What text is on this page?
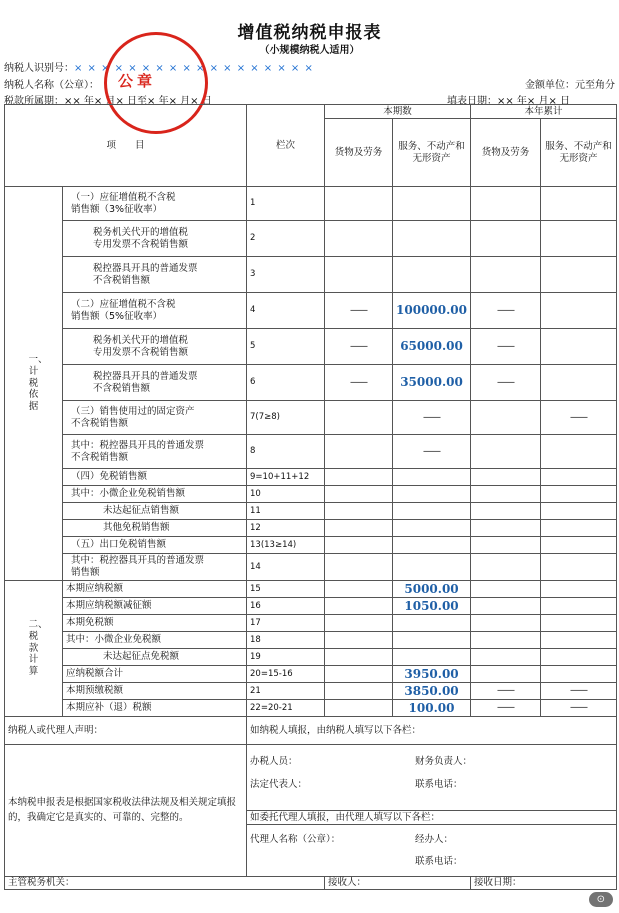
增值税纳税申报表
（小规模纳税人适用）
纳税人识别号：× × × × × × × × × × × × × × × × × ×
纳税人名称（公章）：	金额单位：元至角分
税款所属期：×× 年× 月× 日至× 年× 月× 日	填表日期：×× 年× 月× 日
公章
项　　目		栏次	本期数		本年累计	
			货物及劳务	服务、不动产和无形资产	货物及劳务	服务、不动产和无形资产
一、计税依据	（一）应征增值税不含税
销售额（3%征收率）	1				
	税务机关代开的增值税
专用发票不含税销售额	2				
	税控器具开具的普通发票
不含税销售额	3				
	（二）应征增值税不含税
销售额（5%征收率）	4	——	100000.00	——	
	税务机关代开的增值税
专用发票不含税销售额	5	——	65000.00	——	
	税控器具开具的普通发票
不含税销售额	6	——	35000.00	——	
	（三）销售使用过的固定资产
不含税销售额	7(7≥8)		——		——
	其中：税控器具开具的普通发票
不含税销售额	8		——		
	（四）免税销售额	9=10+11+12				
	其中：小微企业免税销售额	10				
	未达起征点销售额	11				
	其他免税销售额	12				
	（五）出口免税销售额	13(13≥14)				
	其中：税控器具开具的普通发票
销售额	14				
二、税款计算	本期应纳税额	15		5000.00		
	本期应纳税额减征额	16		1050.00		
	本期免税额	17				
	其中：小微企业免税额	18				
	未达起征点免税额	19				
	应纳税额合计	20=15-16		3950.00		
	本期预缴税额	21		3850.00	——	——
	本期应补（退）税额	22=20-21		100.00	——	——
纳税人或代理人声明：		如纳税人填报，由纳税人填写以下各栏：				
本纳税申报表是根据国家税收法律法规及相关规定填报的，我确定它是真实的、可靠的、完整的。		办税人员： 财务负责人：
法定代表人： 联系电话：				
		如委托代理人填报，由代理人填写以下各栏：				
		代理人名称（公章）： 经办人：
联系电话：				
主管税务机关：			接收人：		接收日期：	
⊙
